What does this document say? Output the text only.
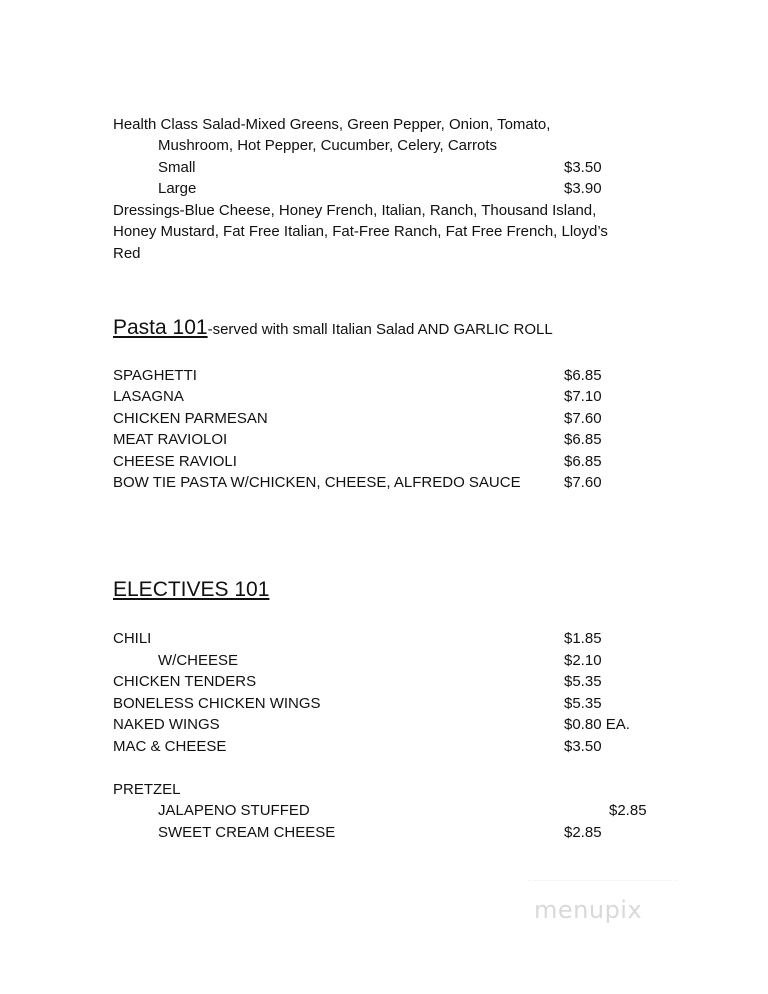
Health Class Salad-Mixed Greens, Green Pepper, Onion, Tomato,
Mushroom, Hot Pepper, Cucumber, Celery, Carrots
Small	$3.50
Large	$3.90
Dressings-Blue Cheese, Honey French, Italian, Ranch, Thousand Island,
Honey Mustard, Fat Free Italian, Fat-Free Ranch, Fat Free French, Lloyd’s
Red
Pasta 101-served with small Italian Salad AND GARLIC ROLL
SPAGHETTI	$6.85
LASAGNA	$7.10
CHICKEN PARMESAN	$7.60
MEAT RAVIOLOI	$6.85
CHEESE RAVIOLI	$6.85
BOW TIE PASTA W/CHICKEN, CHEESE, ALFREDO SAUCE	$7.60
ELECTIVES 101
CHILI	$1.85
W/CHEESE	$2.10
CHICKEN TENDERS	$5.35
BONELESS CHICKEN WINGS	$5.35
NAKED WINGS	$0.80 EA.
MAC & CHEESE	$3.50
PRETZEL
JALAPENO STUFFED	$2.85
SWEET CREAM CHEESE	$2.85
menupix
